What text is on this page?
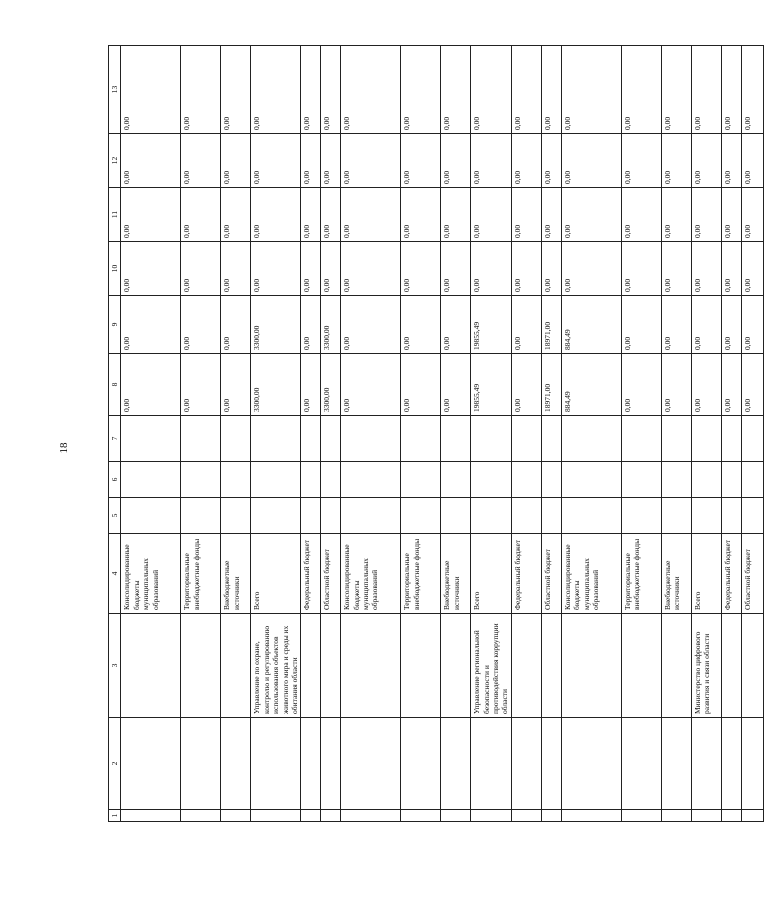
18
1	2	3	4	5	6	7	8	9	10	11	12	13
			Консолидированные бюджеты муниципальных образований				0,00	0,00	0,00	0,00	0,00	0,00
			Территориальные внебюджетные фонды				0,00	0,00	0,00	0,00	0,00	0,00
			Внебюджетные источники				0,00	0,00	0,00	0,00	0,00	0,00
		Управление по охране, контролю и регулированию использования объектов животного мира и среды их обитания области	Всего				3300,00	3300,00	0,00	0,00	0,00	0,00
			Федеральный бюджет				0,00	0,00	0,00	0,00	0,00	0,00
			Областной бюджет				3300,00	3300,00	0,00	0,00	0,00	0,00
			Консолидированные бюджеты муниципальных образований				0,00	0,00	0,00	0,00	0,00	0,00
			Территориальные внебюджетные фонды				0,00	0,00	0,00	0,00	0,00	0,00
			Внебюджетные источники				0,00	0,00	0,00	0,00	0,00	0,00
		Управление региональной безопасности и противодействия коррупции области	Всего				19855,49	19855,49	0,00	0,00	0,00	0,00
			Федеральный бюджет				0,00	0,00	0,00	0,00	0,00	0,00
			Областной бюджет				18971,00	18971,00	0,00	0,00	0,00	0,00
			Консолидированные бюджеты муниципальных образований				884,49	884,49	0,00	0,00	0,00	0,00
			Территориальные внебюджетные фонды				0,00	0,00	0,00	0,00	0,00	0,00
			Внебюджетные источники				0,00	0,00	0,00	0,00	0,00	0,00
		Министерство цифрового развития и связи области	Всего				0,00	0,00	0,00	0,00	0,00	0,00
			Федеральный бюджет				0,00	0,00	0,00	0,00	0,00	0,00
			Областной бюджет				0,00	0,00	0,00	0,00	0,00	0,00
